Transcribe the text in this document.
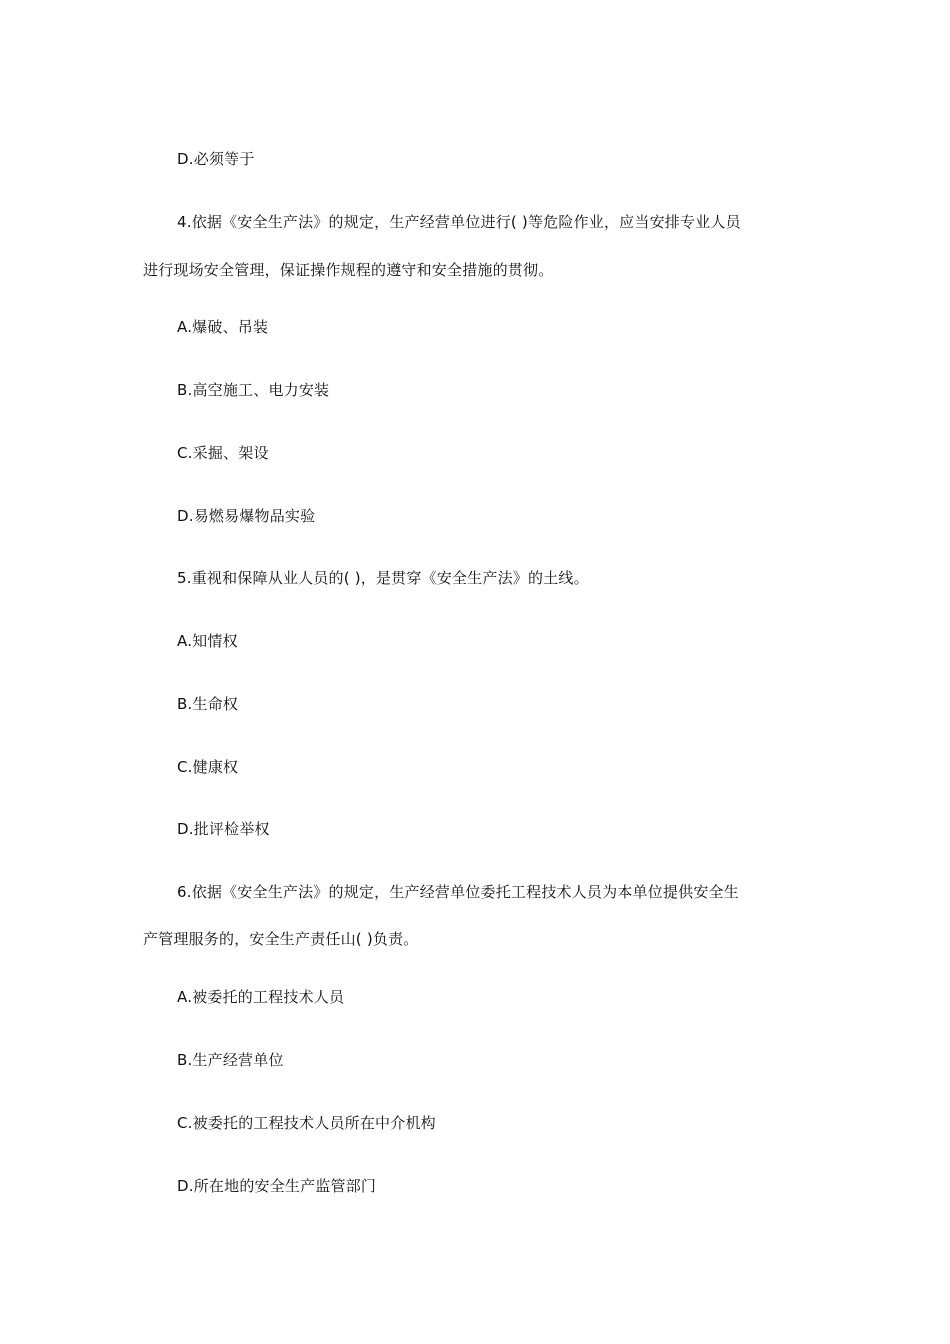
D.必须等于
4.依据《安全生产法》的规定，生产经营单位进行( )等危险作业，应当安排专业人员
进行现场安全管理，保证操作规程的遵守和安全措施的贯彻。
A.爆破、吊装
B.高空施工、电力安装
C.采掘、架设
D.易燃易爆物品实验
5.重视和保障从业人员的( )，是贯穿《安全生产法》的土线。
A.知情权
B.生命权
C.健康权
D.批评检举权
6.依据《安全生产法》的规定，生产经营单位委托工程技术人员为本单位提供安全生
产管理服务的，安全生产责任山( )负责。
A.被委托的工程技术人员
B.生产经营单位
C.被委托的工程技术人员所在中介机构
D.所在地的安全生产监管部门
